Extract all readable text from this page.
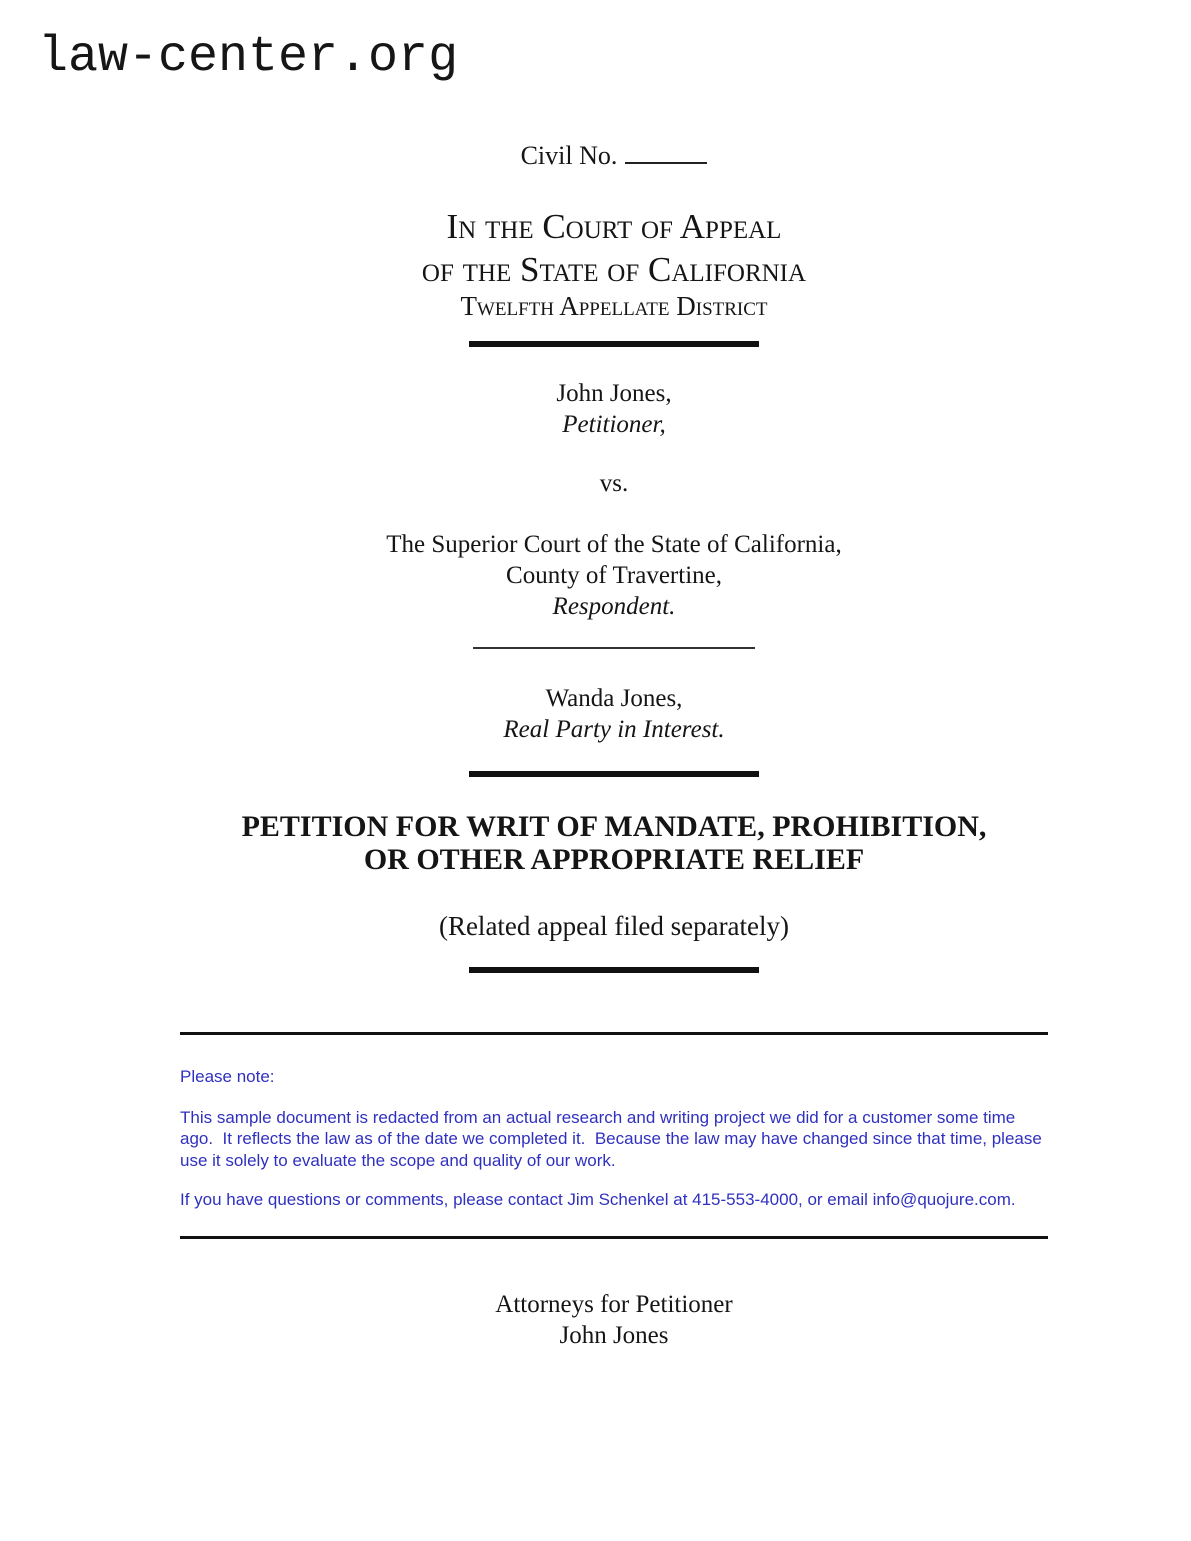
law-center.org
Civil No.
In the Court of Appeal
of the State of California
Twelfth Appellate District
John Jones,
Petitioner,
vs.
The Superior Court of the State of California,
County of Travertine,
Respondent.
Wanda Jones,
Real Party in Interest.
PETITION FOR WRIT OF MANDATE, PROHIBITION,
OR OTHER APPROPRIATE RELIEF
(Related appeal filed separately)

Please note:

This sample document is redacted from an actual research and writing project we did for a customer some time ago.  It reflects the law as of the date we completed it.  Because the law may have changed since that time, please use it solely to evaluate the scope and quality of our work.

If you have questions or comments, please contact Jim Schenkel at 415-553-4000, or email info@quojure.com.

Attorneys for Petitioner
John Jones
